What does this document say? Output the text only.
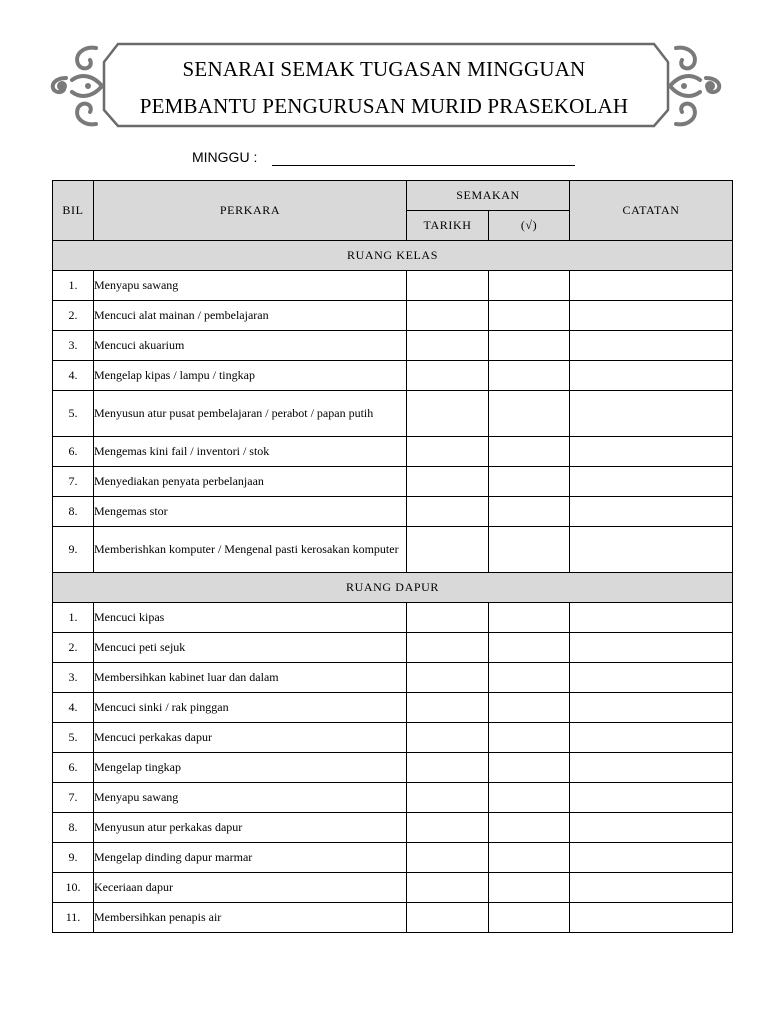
SENARAI SEMAK TUGASAN MINGGUAN
PEMBANTU PENGURUSAN MURID PRASEKOLAH
MINGGU :
BIL	PERKARA	SEMAKAN		CATATAN
		TARIKH	(√)	
RUANG KELAS				
1.	Menyapu sawang			
2.	Mencuci alat mainan / pembelajaran			
3.	Mencuci akuarium			
4.	Mengelap kipas / lampu / tingkap			
5.	Menyusun atur pusat pembelajaran / perabot / papan putih			
6.	Mengemas kini fail / inventori / stok			
7.	Menyediakan penyata perbelanjaan			
8.	Mengemas stor			
9.	Memberishkan komputer / Mengenal pasti kerosakan komputer			
RUANG DAPUR				
1.	Mencuci kipas			
2.	Mencuci peti sejuk			
3.	Membersihkan kabinet luar dan dalam			
4.	Mencuci sinki / rak pinggan			
5.	Mencuci perkakas dapur			
6.	Mengelap tingkap			
7.	Menyapu sawang			
8.	Menyusun atur perkakas dapur			
9.	Mengelap dinding dapur marmar			
10.	Keceriaan dapur			
11.	Membersihkan penapis air			
